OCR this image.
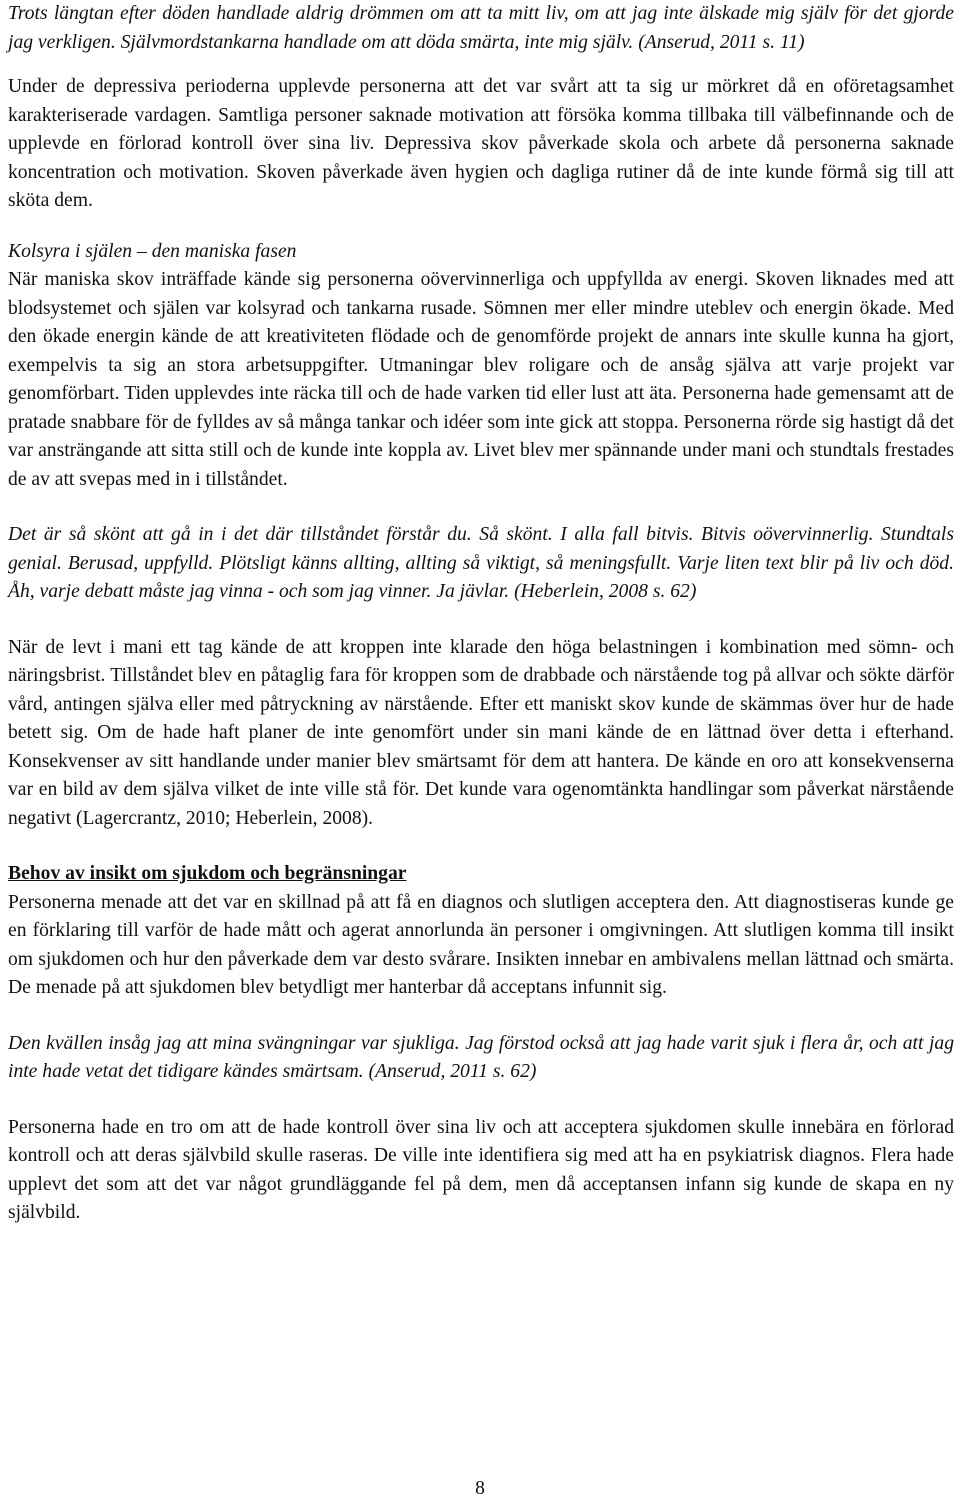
Trots längtan efter döden handlade aldrig drömmen om att ta mitt liv, om att jag inte älskade mig själv för det gjorde jag verkligen. Självmordstankarna handlade om att döda smärta, inte mig själv. (Anserud, 2011 s. 11)

Under de depressiva perioderna upplevde personerna att det var svårt att ta sig ur mörkret då en oföretagsamhet karakteriserade vardagen. Samtliga personer saknade motivation att försöka komma tillbaka till välbefinnande och de upplevde en förlorad kontroll över sina liv. Depressiva skov påverkade skola och arbete då personerna saknade koncentration och motivation. Skoven påverkade även hygien och dagliga rutiner då de inte kunde förmå sig till att sköta dem.

Kolsyra i själen – den maniska fasen

När maniska skov inträffade kände sig personerna oövervinnerliga och uppfyllda av energi. Skoven liknades med att blodsystemet och själen var kolsyrad och tankarna rusade. Sömnen mer eller mindre uteblev och energin ökade. Med den ökade energin kände de att kreativiteten flödade och de genomförde projekt de annars inte skulle kunna ha gjort, exempelvis ta sig an stora arbetsuppgifter. Utmaningar blev roligare och de ansåg själva att varje projekt var genomförbart. Tiden upplevdes inte räcka till och de hade varken tid eller lust att äta. Personerna hade gemensamt att de pratade snabbare för de fylldes av så många tankar och idéer som inte gick att stoppa. Personerna rörde sig hastigt då det var ansträngande att sitta still och de kunde inte koppla av. Livet blev mer spännande under mani och stundtals frestades de av att svepas med in i tillståndet.

Det är så skönt att gå in i det där tillståndet förstår du. Så skönt. I alla fall bitvis. Bitvis oövervinnerlig. Stundtals genial. Berusad, uppfylld. Plötsligt känns allting, allting så viktigt, så meningsfullt. Varje liten text blir på liv och död. Åh, varje debatt måste jag vinna - och som jag vinner. Ja jävlar. (Heberlein, 2008 s. 62)

När de levt i mani ett tag kände de att kroppen inte klarade den höga belastningen i kombination med sömn- och näringsbrist. Tillståndet blev en påtaglig fara för kroppen som de drabbade och närstående tog på allvar och sökte därför vård, antingen själva eller med påtryckning av närstående. Efter ett maniskt skov kunde de skämmas över hur de hade betett sig. Om de hade haft planer de inte genomfört under sin mani kände de en lättnad över detta i efterhand. Konsekvenser av sitt handlande under manier blev smärtsamt för dem att hantera. De kände en oro att konsekvenserna var en bild av dem själva vilket de inte ville stå för. Det kunde vara ogenomtänkta handlingar som påverkat närstående negativt (Lagercrantz, 2010; Heberlein, 2008).

Behov av insikt om sjukdom och begränsningar

Personerna menade att det var en skillnad på att få en diagnos och slutligen acceptera den. Att diagnostiseras kunde ge en förklaring till varför de hade mått och agerat annorlunda än personer i omgivningen. Att slutligen komma till insikt om sjukdomen och hur den påverkade dem var desto svårare. Insikten innebar en ambivalens mellan lättnad och smärta. De menade på att sjukdomen blev betydligt mer hanterbar då acceptans infunnit sig.

Den kvällen insåg jag att mina svängningar var sjukliga. Jag förstod också att jag hade varit sjuk i flera år, och att jag inte hade vetat det tidigare kändes smärtsam. (Anserud, 2011 s. 62)

Personerna hade en tro om att de hade kontroll över sina liv och att acceptera sjukdomen skulle innebära en förlorad kontroll och att deras självbild skulle raseras. De ville inte identifiera sig med att ha en psykiatrisk diagnos. Flera hade upplevt det som att det var något grundläggande fel på dem, men då acceptansen infann sig kunde de skapa en ny självbild.

8
